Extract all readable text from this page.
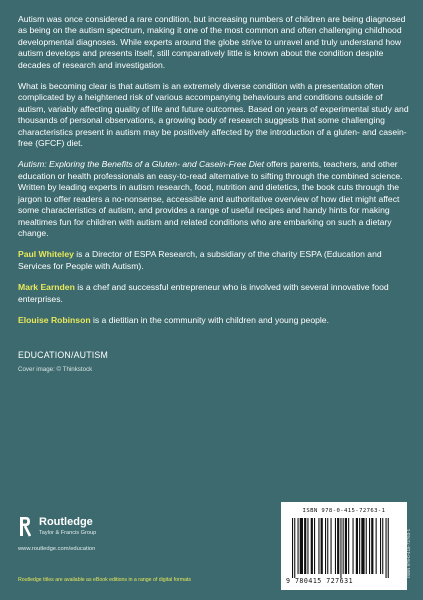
Autism was once considered a rare condition, but increasing numbers of children are being diagnosed as being on the autism spectrum, making it one of the most common and often challenging childhood developmental diagnoses. While experts around the globe strive to unravel and truly understand how autism develops and presents itself, still comparatively little is known about the condition despite decades of research and investigation.

What is becoming clear is that autism is an extremely diverse condition with a presentation often complicated by a heightened risk of various accompanying behaviours and conditions outside of autism, variably affecting quality of life and future outcomes. Based on years of experimental study and thousands of personal observations, a growing body of research suggests that some challenging characteristics present in autism may be positively affected by the introduction of a gluten- and casein-free (GFCF) diet.

Autism: Exploring the Benefits of a Gluten- and Casein-Free Diet offers parents, teachers, and other education or health professionals an easy-to-read alternative to sifting through the combined science. Written by leading experts in autism research, food, nutrition and dietetics, the book cuts through the jargon to offer readers a no-nonsense, accessible and authoritative overview of how diet might affect some characteristics of autism, and provides a range of useful recipes and handy hints for making mealtimes fun for children with autism and related conditions who are embarking on such a dietary change.

Paul Whiteley is a Director of ESPA Research, a subsidiary of the charity ESPA (Education and Services for People with Autism).

Mark Earnden is a chef and successful entrepreneur who is involved with several innovative food enterprises.

Elouise Robinson is a dietitian in the community with children and young people.

EDUCATION/AUTISM

Cover image: © Thinkstock

Routledge
Taylor & Francis Group
www.routledge.com/education
Routledge titles are available as eBook editions in a range of digital formats
ISBN 978-0-415-72763-1
9 780415 727631
ISBN 978-0-415-72763-1
